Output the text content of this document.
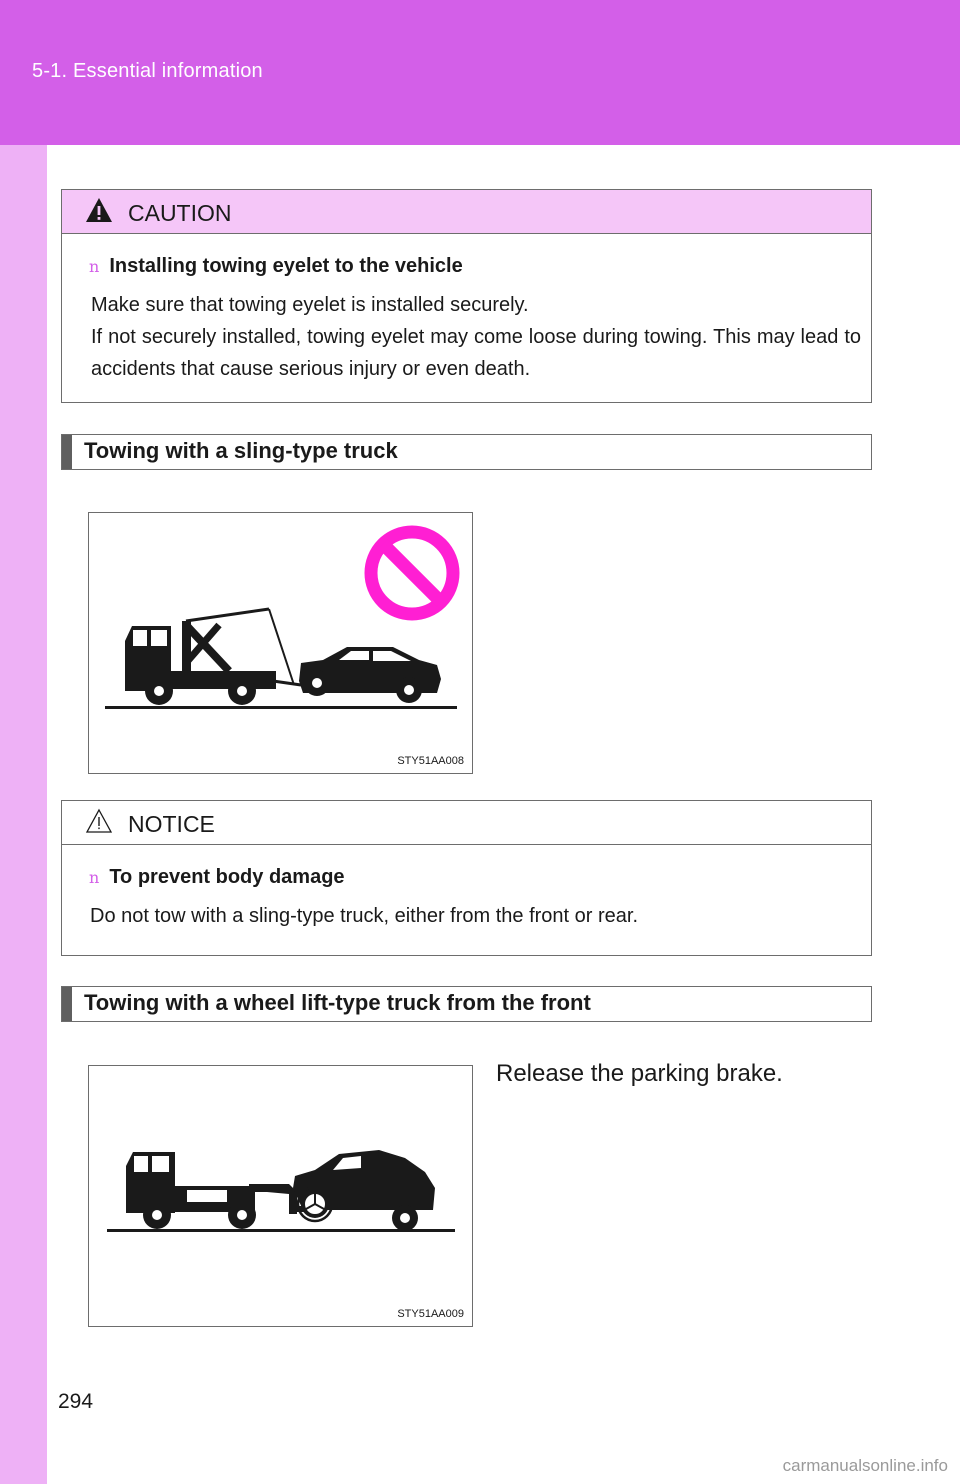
5-1. Essential information
CAUTION
n Installing towing eyelet to the vehicle

Make sure that towing eyelet is installed securely.

If not securely installed, towing eyelet may come loose during towing. This may lead to accidents that cause serious injury or even death.

Towing with a sling-type truck
STY51AA008
NOTICE
n To prevent body damage

Do not tow with a sling-type truck, either from the front or rear.

Towing with a wheel lift-type truck from the front
STY51AA009
Release the parking brake.
294
carmanualsonline.info
